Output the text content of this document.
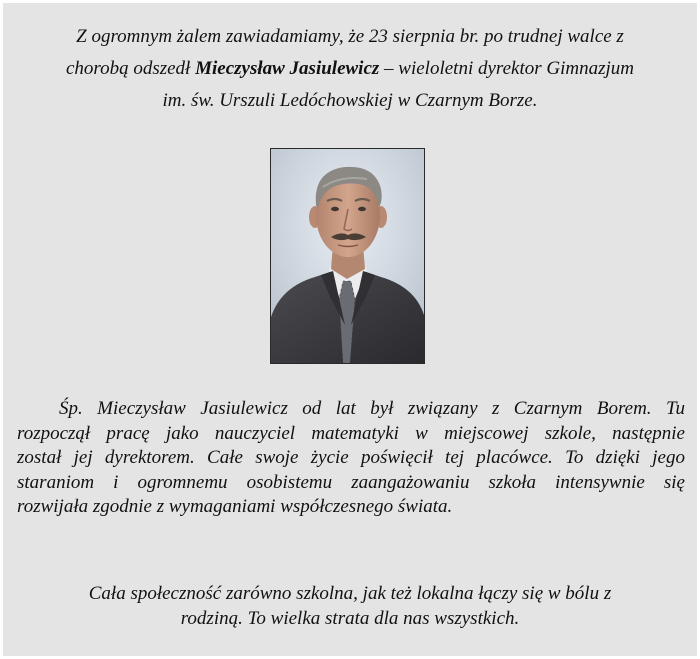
Z ogromnym żalem zawiadamiamy, że 23 sierpnia br. po trudnej walce z
chorobą odszedł Mieczysław Jasiulewicz – wieloletni dyrektor Gimnazjum
im. św. Urszuli Ledóchowskiej w Czarnym Borze.
Śp. Mieczysław Jasiulewicz od lat był związany z Czarnym Borem. Tu
rozpoczął pracę jako nauczyciel matematyki w miejscowej szkole, następnie
został jej dyrektorem. Całe swoje życie poświęcił tej placówce. To dzięki jego
staraniom i ogromnemu osobistemu zaangażowaniu szkoła intensywnie się
rozwijała zgodnie z wymaganiami współczesnego świata.
Cała społeczność zarówno szkolna, jak też lokalna łączy się w bólu z
rodziną. To wielka strata dla nas wszystkich.
